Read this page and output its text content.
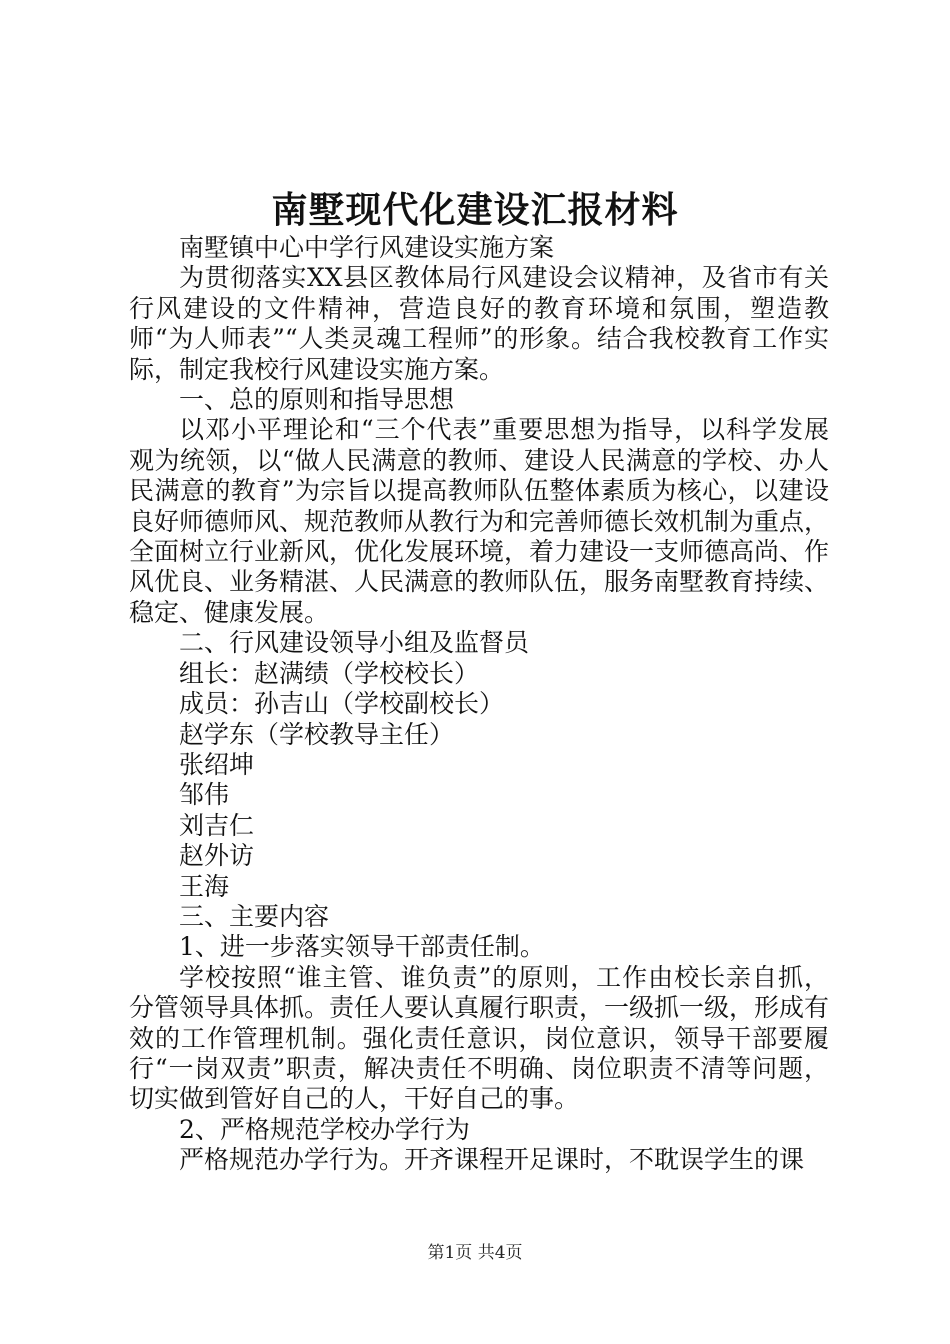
南墅现代化建设汇报材料

南墅镇中心中学行风建设实施方案

为贯彻落实XX县区教体局行风建设会议精神，及省市有关行风建设的文件精神，营造良好的教育环境和氛围，塑造教师“为人师表”“人类灵魂工程师”的形象。结合我校教育工作实际，制定我校行风建设实施方案。

一、总的原则和指导思想

以邓小平理论和“三个代表”重要思想为指导，以科学发展观为统领，以“做人民满意的教师、建设人民满意的学校、办人民满意的教育”为宗旨以提高教师队伍整体素质为核心，以建设良好师德师风、规范教师从教行为和完善师德长效机制为重点，全面树立行业新风，优化发展环境，着力建设一支师德高尚、作风优良、业务精湛、人民满意的教师队伍，服务南墅教育持续、稳定、健康发展。

二、行风建设领导小组及监督员

组长：赵满绩（学校校长）

成员：孙吉山（学校副校长）

赵学东（学校教导主任）

张绍坤

邹伟

刘吉仁

赵外访

王海

三、主要内容

1、进一步落实领导干部责任制。

学校按照“谁主管、谁负责”的原则，工作由校长亲自抓，分管领导具体抓。责任人要认真履行职责，一级抓一级，形成有效的工作管理机制。强化责任意识，岗位意识，领导干部要履行“一岗双责”职责，解决责任不明确、岗位职责不清等问题，切实做到管好自己的人，干好自己的事。

2、严格规范学校办学行为

严格规范办学行为。开齐课程开足课时，不耽误学生的课

第1页 共4页
